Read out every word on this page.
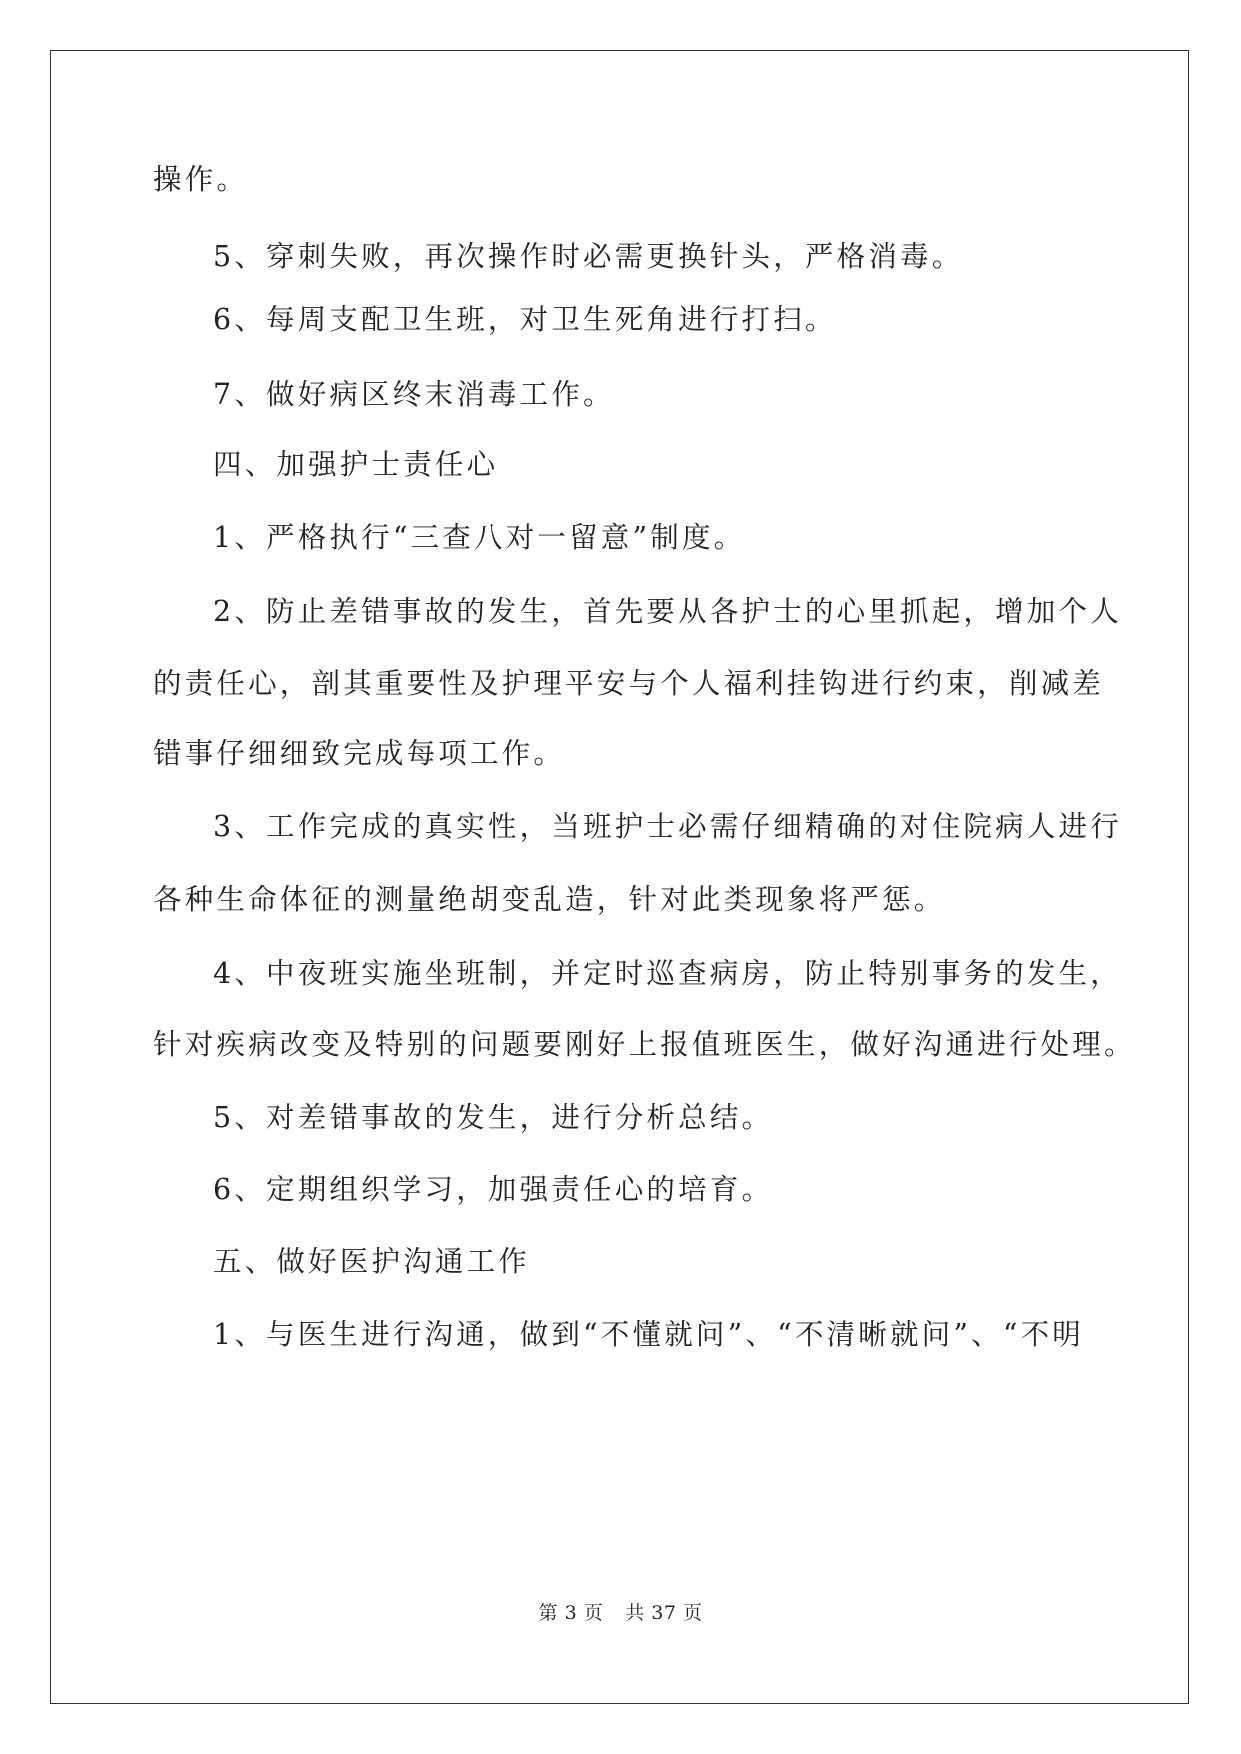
操作。
5、穿刺失败，再次操作时必需更换针头，严格消毒。
6、每周支配卫生班，对卫生死角进行打扫。
7、做好病区终末消毒工作。
四、加强护士责任心
1、严格执行“三查八对一留意”制度。
2、防止差错事故的发生，首先要从各护士的心里抓起，增加个人
的责任心，剖其重要性及护理平安与个人福利挂钩进行约束，削减差
错事仔细细致完成每项工作。
3、工作完成的真实性，当班护士必需仔细精确的对住院病人进行
各种生命体征的测量绝胡变乱造，针对此类现象将严惩。
4、中夜班实施坐班制，并定时巡查病房，防止特别事务的发生，
针对疾病改变及特别的问题要刚好上报值班医生，做好沟通进行处理。
5、对差错事故的发生，进行分析总结。
6、定期组织学习，加强责任心的培育。
五、做好医护沟通工作
1、与医生进行沟通，做到“不懂就问”、“不清晰就问”、“不明
第 3 页 共 37 页
